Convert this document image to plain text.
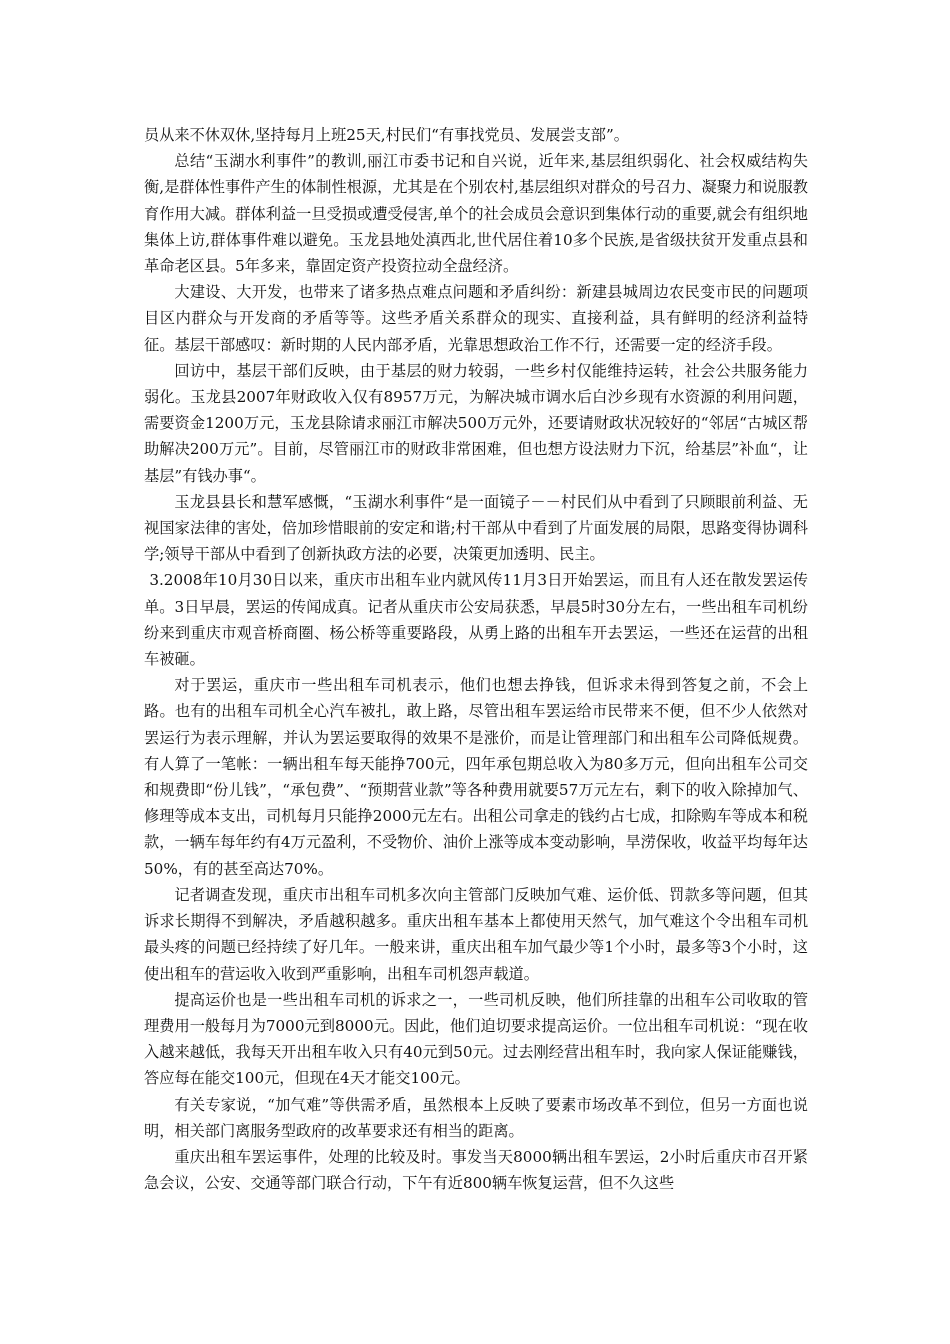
员从来不休双休,坚持每月上班25天,村民们“有事找党员、发展尝支部”。

总结“玉湖水利事件”的教训,丽江市委书记和自兴说，近年来,基层组织弱化、社会权威结构失衡,是群体性事件产生的体制性根源，尤其是在个别农村,基层组织对群众的号召力、凝聚力和说服教育作用大减。群体利益一旦受损或遭受侵害,单个的社会成员会意识到集体行动的重要,就会有组织地集体上访,群体事件难以避免。玉龙县地处滇西北,世代居住着10多个民族,是省级扶贫开发重点县和革命老区县。5年多来，靠固定资产投资拉动全盘经济。

大建设、大开发，也带来了诸多热点难点问题和矛盾纠纷：新建县城周边农民变市民的问题项目区内群众与开发商的矛盾等等。这些矛盾关系群众的现实、直接利益，具有鲜明的经济利益特征。基层干部感叹：新时期的人民内部矛盾，光靠思想政治工作不行，还需要一定的经济手段。

回访中，基层干部们反映，由于基层的财力较弱，一些乡村仅能维持运转，社会公共服务能力弱化。玉龙县2007年财政收入仅有8957万元，为解决城市调水后白沙乡现有水资源的利用问题，需要资金1200万元，玉龙县除请求丽江市解决500万元外，还要请财政状况较好的“邻居“古城区帮助解决200万元”。目前，尽管丽江市的财政非常困难，但也想方设法财力下沉，给基层”补血“，让基层”有钱办事“。

玉龙县县长和慧军感慨，“玉湖水利事件“是一面镜子－－村民们从中看到了只顾眼前利益、无视国家法律的害处，倍加珍惜眼前的安定和谐;村干部从中看到了片面发展的局限，思路变得协调科学;领导干部从中看到了创新执政方法的必要，决策更加透明、民主。

3.2008年10月30日以来，重庆市出租车业内就风传11月3日开始罢运，而且有人还在散发罢运传单。3日早晨，罢运的传闻成真。记者从重庆市公安局获悉，早晨5时30分左右，一些出租车司机纷纷来到重庆市观音桥商圈、杨公桥等重要路段，从勇上路的出租车开去罢运，一些还在运营的出租车被砸。

对于罢运，重庆市一些出租车司机表示，他们也想去挣钱，但诉求未得到答复之前，不会上路。也有的出租车司机全心汽车被扎，敢上路，尽管出租车罢运给市民带来不便，但不少人依然对罢运行为表示理解，并认为罢运要取得的效果不是涨价，而是让管理部门和出租车公司降低规费。有人算了一笔帐：一辆出租车每天能挣700元，四年承包期总收入为80多万元，但向出租车公司交和规费即“份儿钱”，“承包费”、“预期营业款”等各种费用就要57万元左右，剩下的收入除掉加气、修理等成本支出，司机每月只能挣2000元左右。出租公司拿走的钱约占七成，扣除购车等成本和税款，一辆车每年约有4万元盈利，不受物价、油价上涨等成本变动影响，旱涝保收，收益平均每年达50%，有的甚至高达70%。

记者调查发现，重庆市出租车司机多次向主管部门反映加气难、运价低、罚款多等问题，但其诉求长期得不到解决，矛盾越积越多。重庆出租车基本上都使用天然气，加气难这个令出租车司机最头疼的问题已经持续了好几年。一般来讲，重庆出租车加气最少等1个小时，最多等3个小时，这使出租车的营运收入收到严重影响，出租车司机怨声载道。

提高运价也是一些出租车司机的诉求之一，一些司机反映，他们所挂靠的出租车公司收取的管理费用一般每月为7000元到8000元。因此，他们迫切要求提高运价。一位出租车司机说：“现在收入越来越低，我每天开出租车收入只有40元到50元。过去刚经营出租车时，我向家人保证能赚钱，答应每在能交100元，但现在4天才能交100元。

有关专家说，“加气难”等供需矛盾，虽然根本上反映了要素市场改革不到位，但另一方面也说明，相关部门离服务型政府的改革要求还有相当的距离。

重庆出租车罢运事件，处理的比较及时。事发当天8000辆出租车罢运，2小时后重庆市召开紧急会议，公安、交通等部门联合行动，下午有近800辆车恢复运营，但不久这些
